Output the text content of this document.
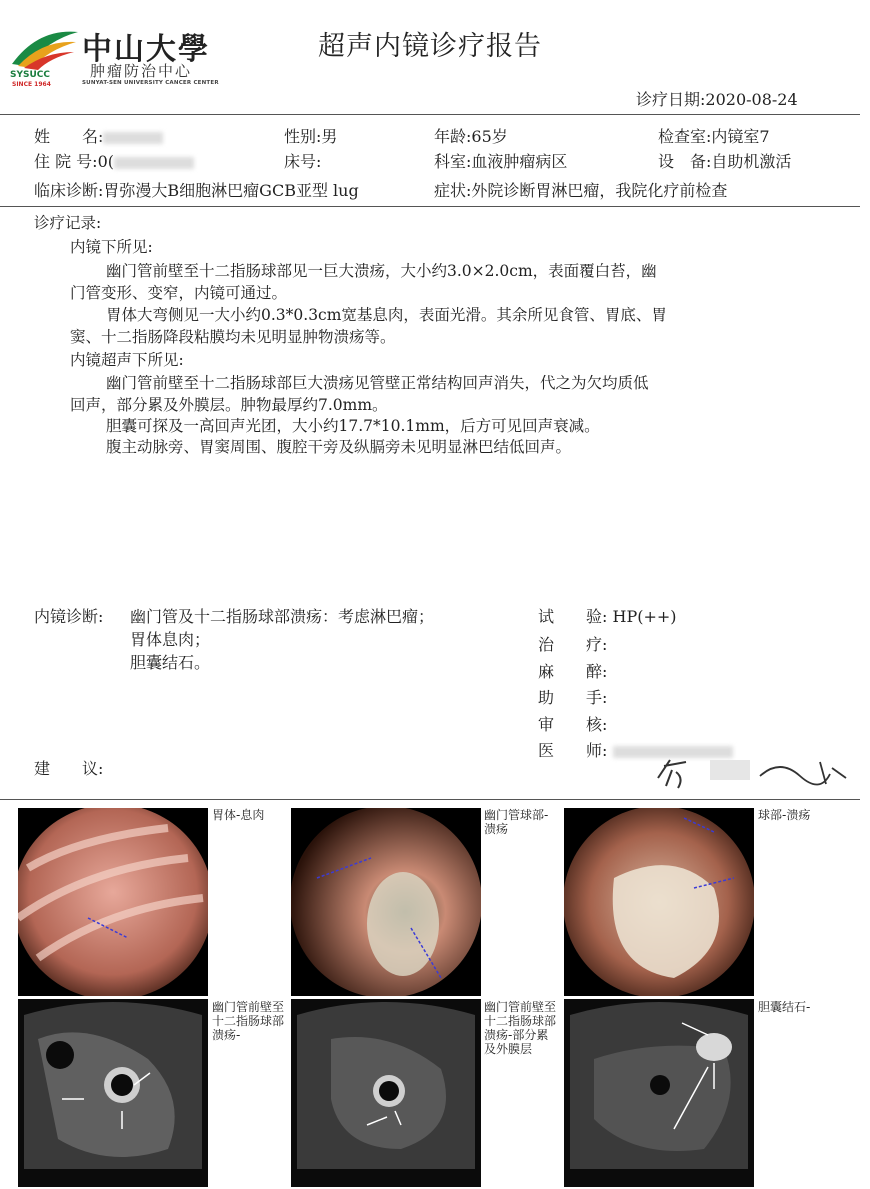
中山大學
肿瘤防治中心
SUNYAT-SEN UNIVERSITY CANCER CENTER
SYSUCC
SINCE 1964
超声内镜诊疗报告
诊疗日期:2020-08-24
姓　　名:	性别:男	年龄:65岁	检查室:内镜室7
住 院 号:0(	床号:	科室:血液肿瘤病区	设　备:自助机激活
临床诊断:胃弥漫大B细胞淋巴瘤GCB亚型 lug	症状:外院诊断胃淋巴瘤，我院化疗前检查
诊疗记录:
内镜下所见:
幽门管前壁至十二指肠球部见一巨大溃疡，大小约3.0×2.0cm，表面覆白苔，幽
门管变形、变窄，内镜可通过。
胃体大弯侧见一大小约0.3*0.3cm宽基息肉，表面光滑。其余所见食管、胃底、胃
窦、十二指肠降段粘膜均未见明显肿物溃疡等。
内镜超声下所见:
幽门管前壁至十二指肠球部巨大溃疡见管壁正常结构回声消失，代之为欠均质低
回声，部分累及外膜层。肿物最厚约7.0mm。
胆囊可探及一高回声光团，大小约17.7*10.1mm，后方可见回声衰减。
腹主动脉旁、胃窦周围、腹腔干旁及纵膈旁未见明显淋巴结低回声。
内镜诊断: 幽门管及十二指肠球部溃疡：考虑淋巴瘤；
胃体息肉；
胆囊结石。
建　　议:
试　　验: HP(++)
治　　疗:
麻　　醉:
助　　手:
审　　核:
医　　师:
胃体-息肉	幽门管球部-溃疡
球部-溃疡
幽门管前壁至十二指肠球部溃疡-
幽门管前壁至十二指肠球部溃疡-部分累及外膜层
胆囊结石-
